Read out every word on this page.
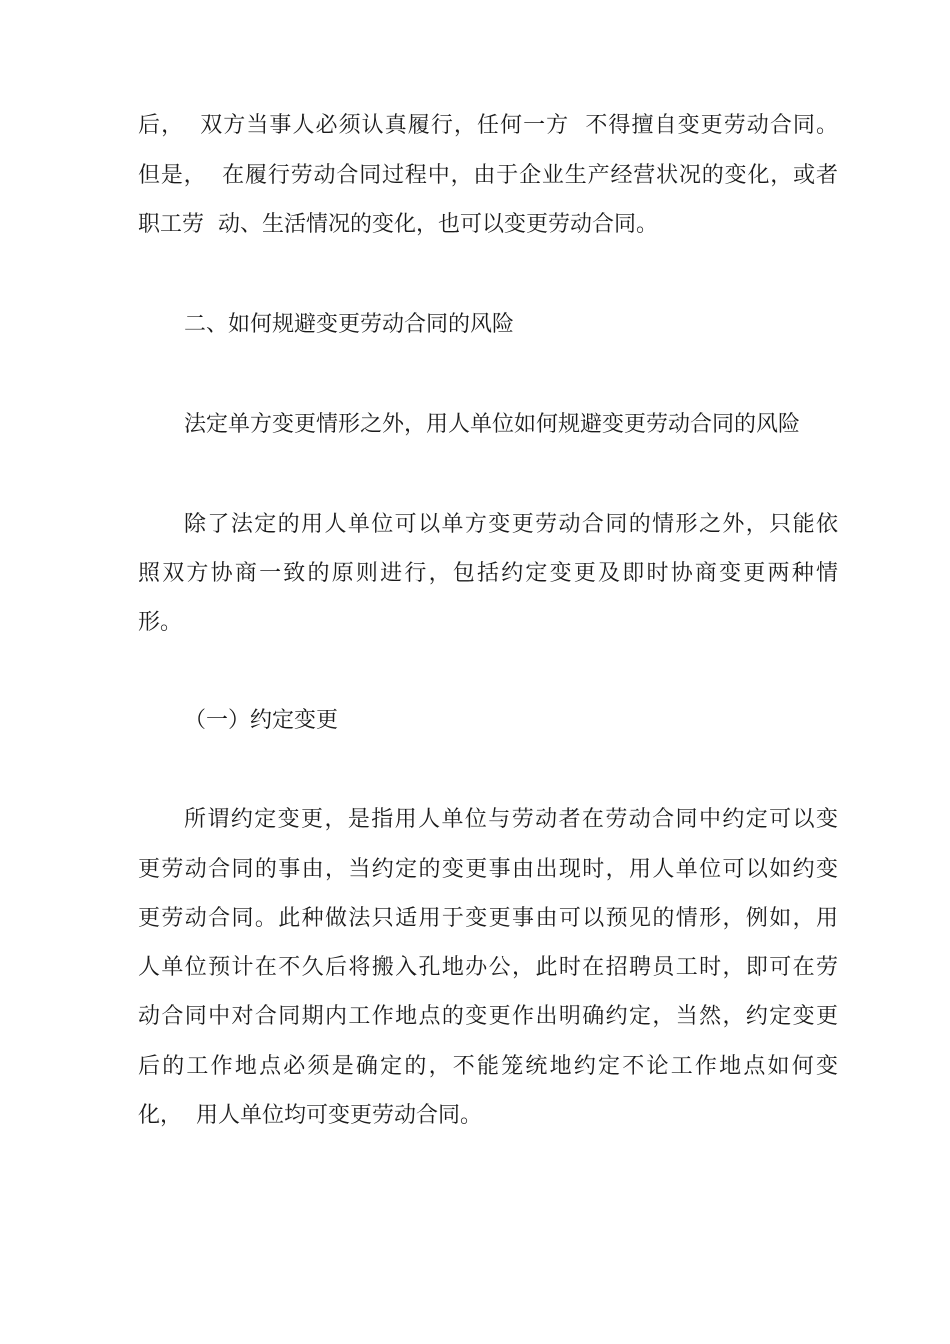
后，  双方当事人必须认真履行，任何一方  不得擅自变更劳动合同。
但是，  在履行劳动合同过程中，由于企业生产经营状况的变化，或者
职工劳  动、生活情况的变化，也可以变更劳动合同。
二、如何规避变更劳动合同的风险
法定单方变更情形之外，用人单位如何规避变更劳动合同的风险
除了法定的用人单位可以单方变更劳动合同的情形之外，只能依
照双方协商一致的原则进行，包括约定变更及即时协商变更两种情
形。
（一）约定变更
所谓约定变更，是指用人单位与劳动者在劳动合同中约定可以变
更劳动合同的事由，当约定的变更事由出现时，用人单位可以如约变
更劳动合同。此种做法只适用于变更事由可以预见的情形，例如，用
人单位预计在不久后将搬入孔地办公，此时在招聘员工时，即可在劳
动合同中对合同期内工作地点的变更作出明确约定，当然，约定变更
后的工作地点必须是确定的，不能笼统地约定不论工作地点如何变
化，  用人单位均可变更劳动合同。
